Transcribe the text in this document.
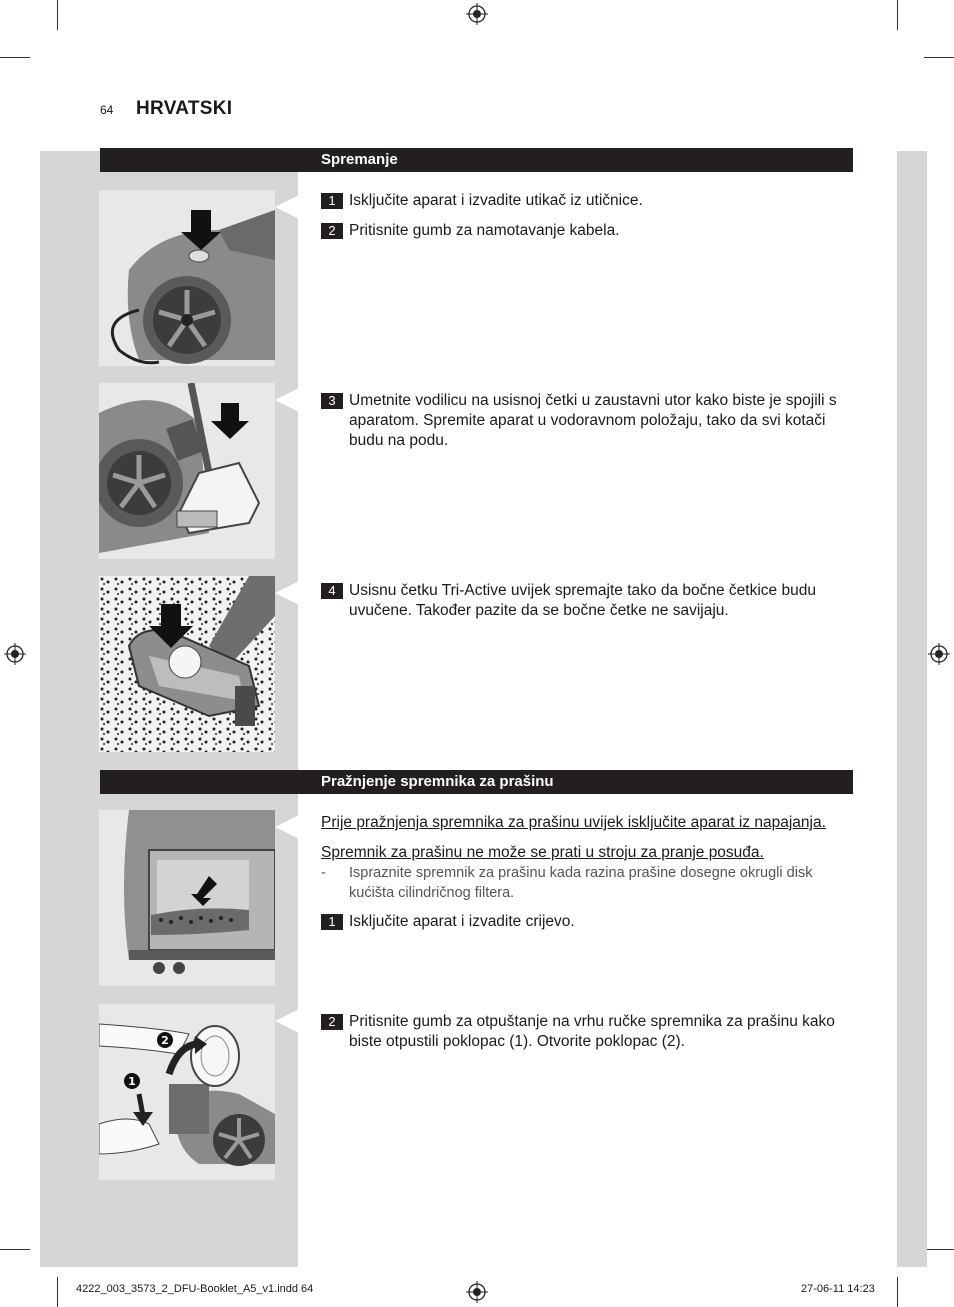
64 HRVATSKI
Spremanje
1 Isključite aparat i izvadite utikač iz utičnice.
2 Pritisnite gumb za namotavanje kabela.
3 Umetnite vodilicu na usisnoj četki u zaustavni utor kako biste je spojili s aparatom. Spremite aparat u vodoravnom položaju, tako da svi kotači budu na podu.
4 Usisnu četku Tri-Active uvijek spremajte tako da bočne četkice budu uvučene. Također pazite da se bočne četke ne savijaju.
Pražnjenje spremnika za prašinu
Prije pražnjenja spremnika za prašinu uvijek isključite aparat iz napajanja.
Spremnik za prašinu ne može se prati u stroju za pranje posuđa.
- Ispraznite spremnik za prašinu kada razina prašine dosegne okrugli disk kućišta cilindričnog filtera.
1 Isključite aparat i izvadite crijevo.
2
1
2 Pritisnite gumb za otpuštanje na vrhu ručke spremnika za prašinu kako biste otpustili poklopac (1). Otvorite poklopac (2).
4222_003_3573_2_DFU-Booklet_A5_v1.indd 64	27-06-11 14:23
